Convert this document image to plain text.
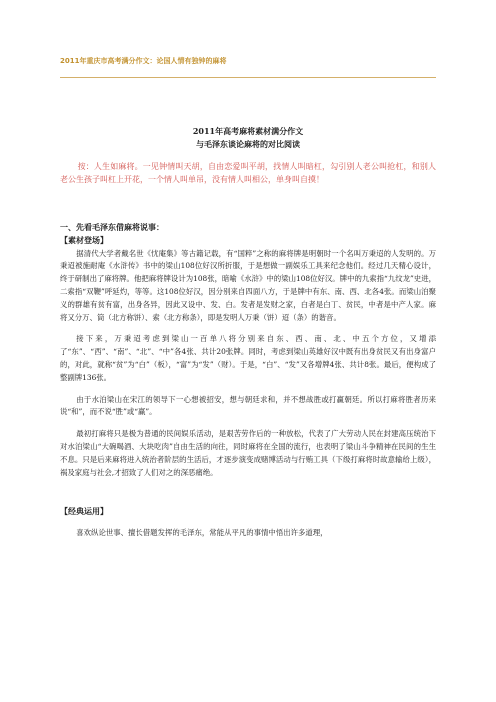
2011年重庆市高考满分作文：论国人情有独钟的麻将
2011年高考麻将素材满分作文
与毛泽东谈论麻将的对比阅读
按：人生如麻将。一见钟情叫天胡，自由恋爱叫平胡，找情人叫暗杠，勾引别人老公叫抢杠，和别人老公生孩子叫杠上开花，一个情人叫单吊，没有情人叫相公，单身叫自摸！
一、先看毛泽东借麻将说事：
【素材登场】

据清代大学者戴名世《忧庵集》等古籍记载，有“国粹”之称的麻将牌是明朝时一个名叫万秉迢的人发明的。万秉迢被施耐庵《水浒传》书中的梁山108位好汉所折服，于是想做一副娱乐工具来纪念他们。经过几天精心设计，终于研制出了麻将牌。他把麻将牌设计为108张，暗喻《水浒》中的梁山108位好汉。牌中的九索指“九纹龙”史进，二索指“双鞭”呼延灼，等等。这108位好汉，因分别来自四面八方，于是牌中有东、南、西、北各4张。而梁山泊聚义的群雄有贫有富，出身各异，因此又设中、发、白。发者是发财之家，白者是白丁、贫民，中者是中产人家。麻将又分万、筒（北方称饼）、索（北方称条），即是发明人万秉（饼）迢（条）的谐音。

接下来，万秉迢考虑到梁山一百单八将分别来自东、西、南、北、中五个方位，又增添了“东”、“西”、“南”、“北”、“中”各4张、共计20张牌。同时，考虑到梁山英雄好汉中既有出身贫民又有出身富户的，对此，就称“贫”为“白”（板），“富”为“发”（财）。于是，“白”、“发”又各增牌4张、共计8张。最后，便构成了整副牌136张。

由于水泊梁山在宋江的领导下一心想被招安，想与朝廷求和，并不想战胜或打赢朝廷。所以打麻将胜者历来说“和”，而不说“胜”或“赢”。

最初打麻将只是极为普通的民间娱乐活动，是艰苦劳作后的一种放松，代表了广大劳动人民在封建高压统治下对水泊梁山“大碗喝酒、大块吃肉”自由生活的向往，同时麻将在全国的流行，也表明了梁山斗争精神在民间的生生不息。只是后来麻将进入统治者阶层的生活后，才逐步演变成赌博活动与行贿工具（下级打麻将时故意输给上级），祸及家庭与社会,才招致了人们对之的深恶痛绝。

【经典运用】

喜欢纵论世事、擅长借题发挥的毛泽东，常能从平凡的事情中悟出许多道理，
